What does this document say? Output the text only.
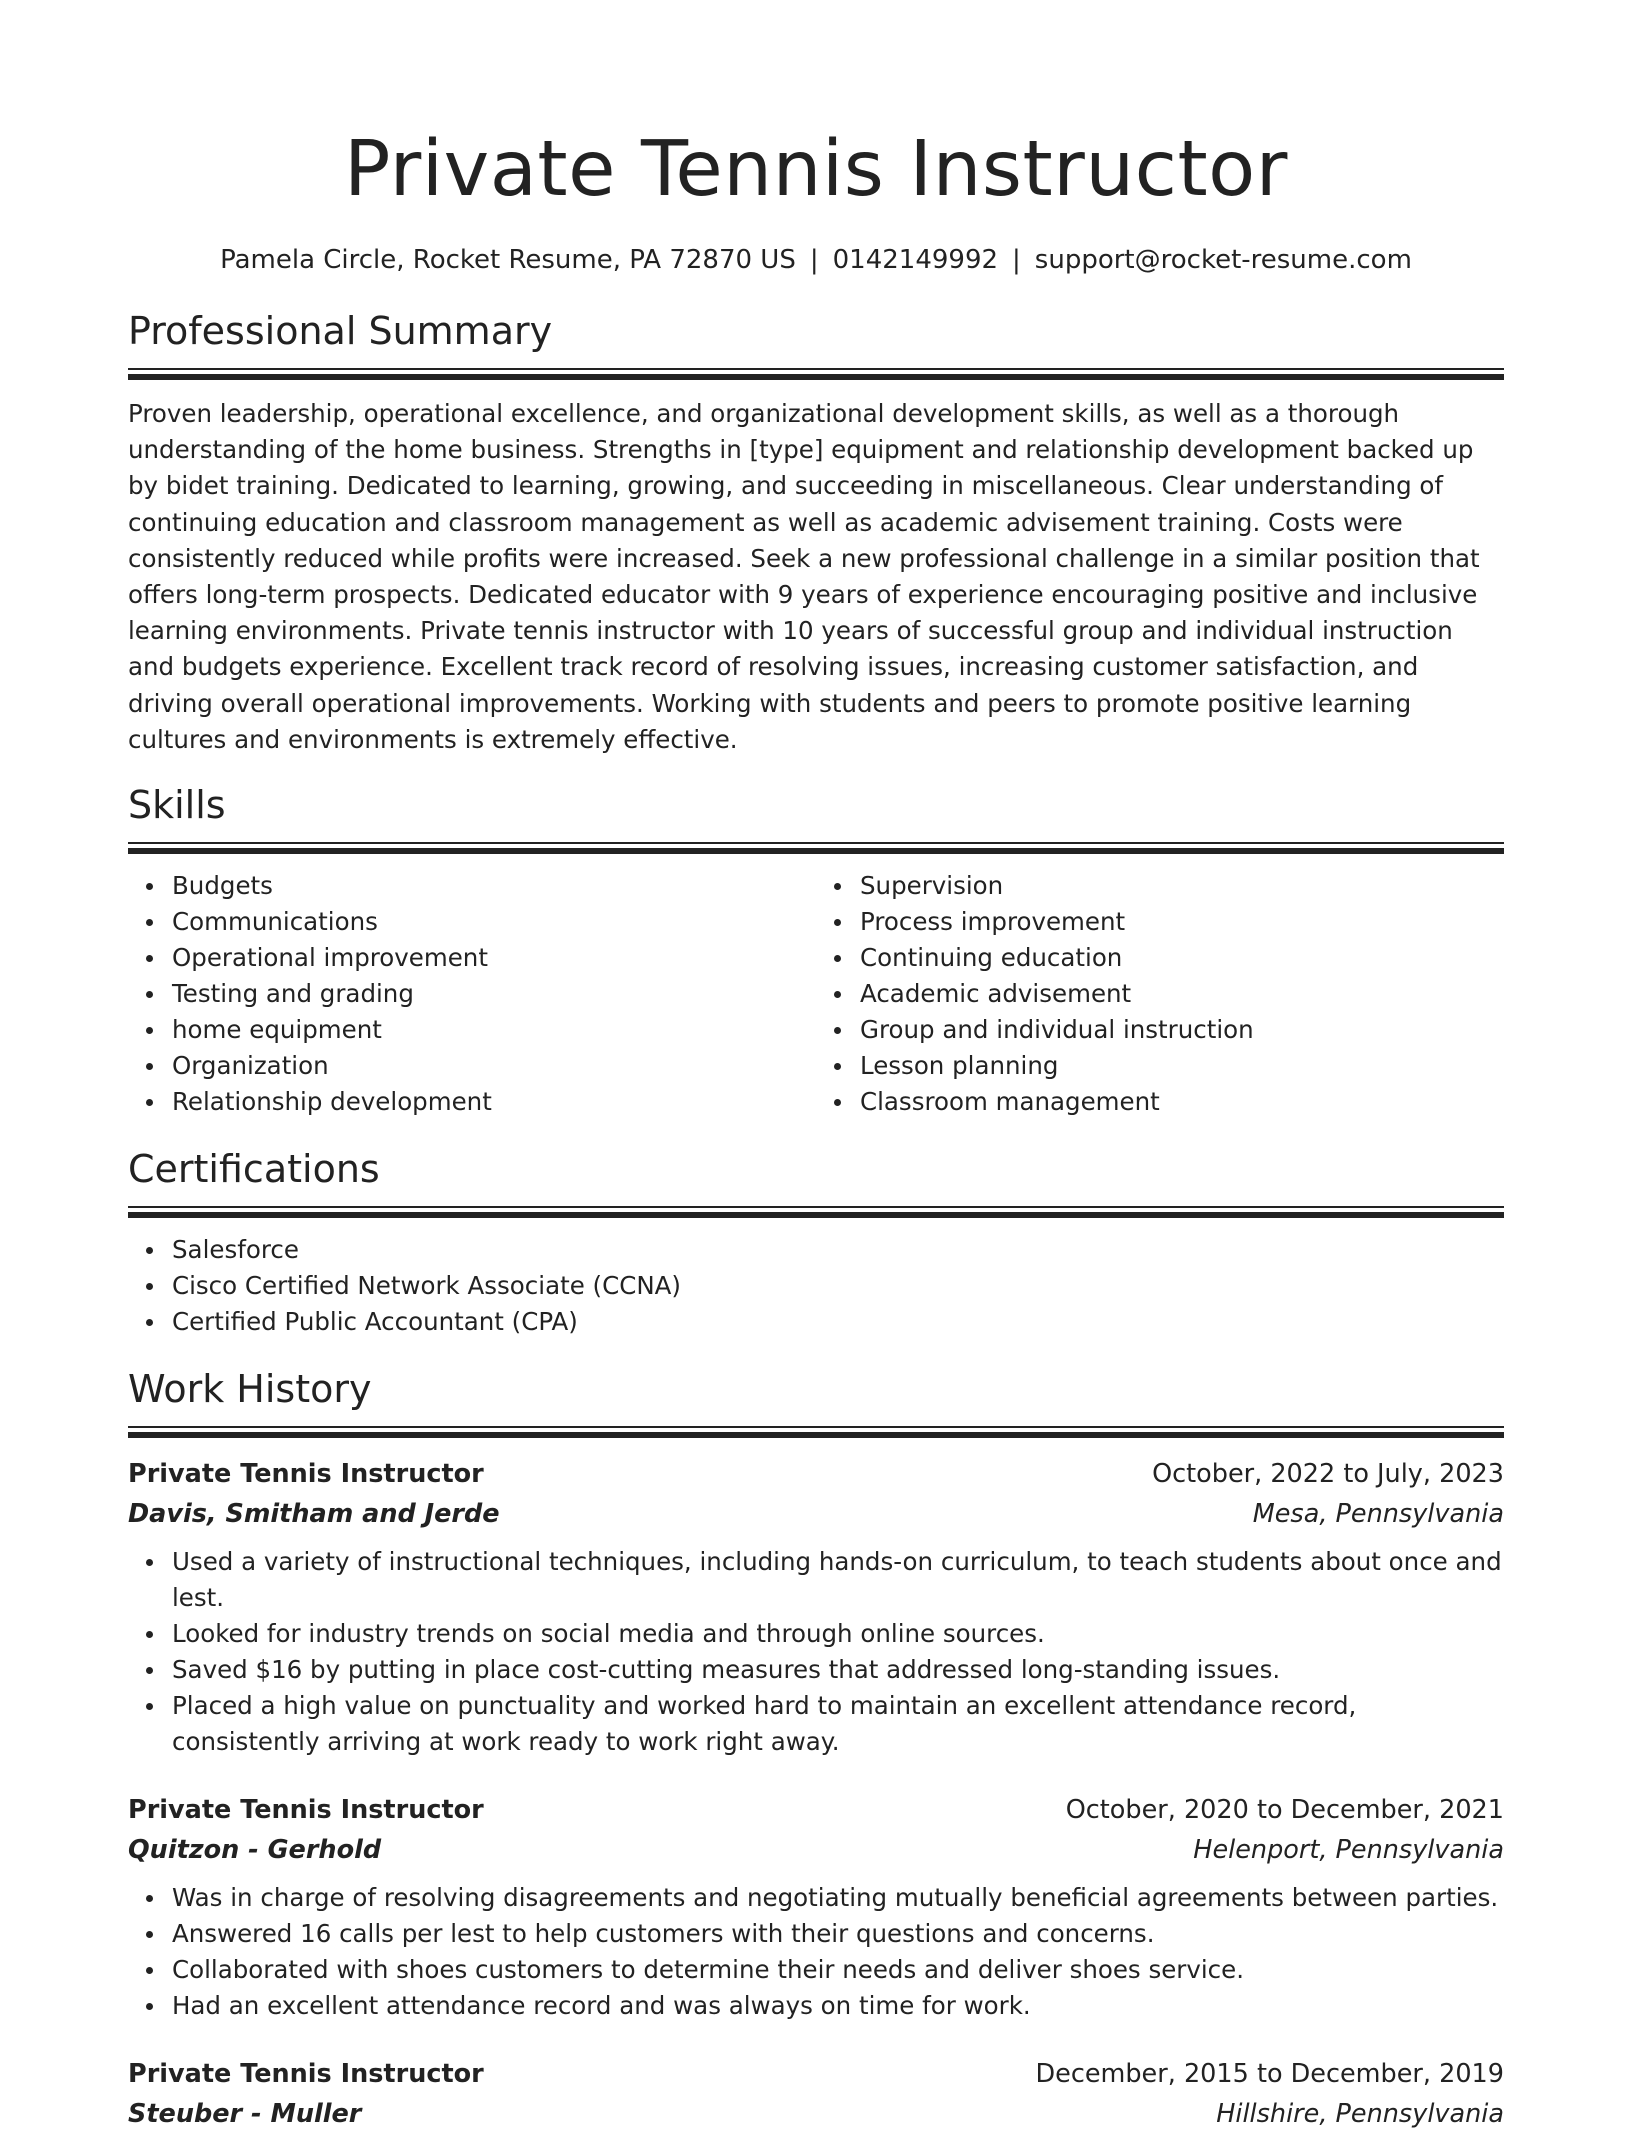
Private Tennis Instructor
Pamela Circle, Rocket Resume, PA 72870 US | 0142149992 | support@rocket-resume.com
Professional Summary

Proven leadership, operational excellence, and organizational development skills, as well as a thorough understanding of the home business. Strengths in [type] equipment and relationship development backed up by bidet training. Dedicated to learning, growing, and succeeding in miscellaneous. Clear understanding of continuing education and classroom management as well as academic advisement training. Costs were consistently reduced while profits were increased. Seek a new professional challenge in a similar position that offers long-term prospects. Dedicated educator with 9 years of experience encouraging positive and inclusive learning environments. Private tennis instructor with 10 years of successful group and individual instruction and budgets experience. Excellent track record of resolving issues, increasing customer satisfaction, and driving overall operational improvements. Working with students and peers to promote positive learning cultures and environments is extremely effective.

Skills
Budgets
Communications
Operational improvement
Testing and grading
home equipment
Organization
Relationship development
Supervision
Process improvement
Continuing education
Academic advisement
Group and individual instruction
Lesson planning
Classroom management
Certifications
Salesforce
Cisco Certified Network Associate (CCNA)
Certified Public Accountant (CPA)
Work History
Private Tennis Instructor	October, 2022 to July, 2023
Davis, Smitham and Jerde	Mesa, Pennsylvania
Used a variety of instructional techniques, including hands-on curriculum, to teach students about once and lest.
Looked for industry trends on social media and through online sources.
Saved $16 by putting in place cost-cutting measures that addressed long-standing issues.
Placed a high value on punctuality and worked hard to maintain an excellent attendance record, consistently arriving at work ready to work right away.
Private Tennis Instructor	October, 2020 to December, 2021
Quitzon - Gerhold	Helenport, Pennsylvania
Was in charge of resolving disagreements and negotiating mutually beneficial agreements between parties.
Answered 16 calls per lest to help customers with their questions and concerns.
Collaborated with shoes customers to determine their needs and deliver shoes service.
Had an excellent attendance record and was always on time for work.
Private Tennis Instructor	December, 2015 to December, 2019
Steuber - Muller	Hillshire, Pennsylvania
